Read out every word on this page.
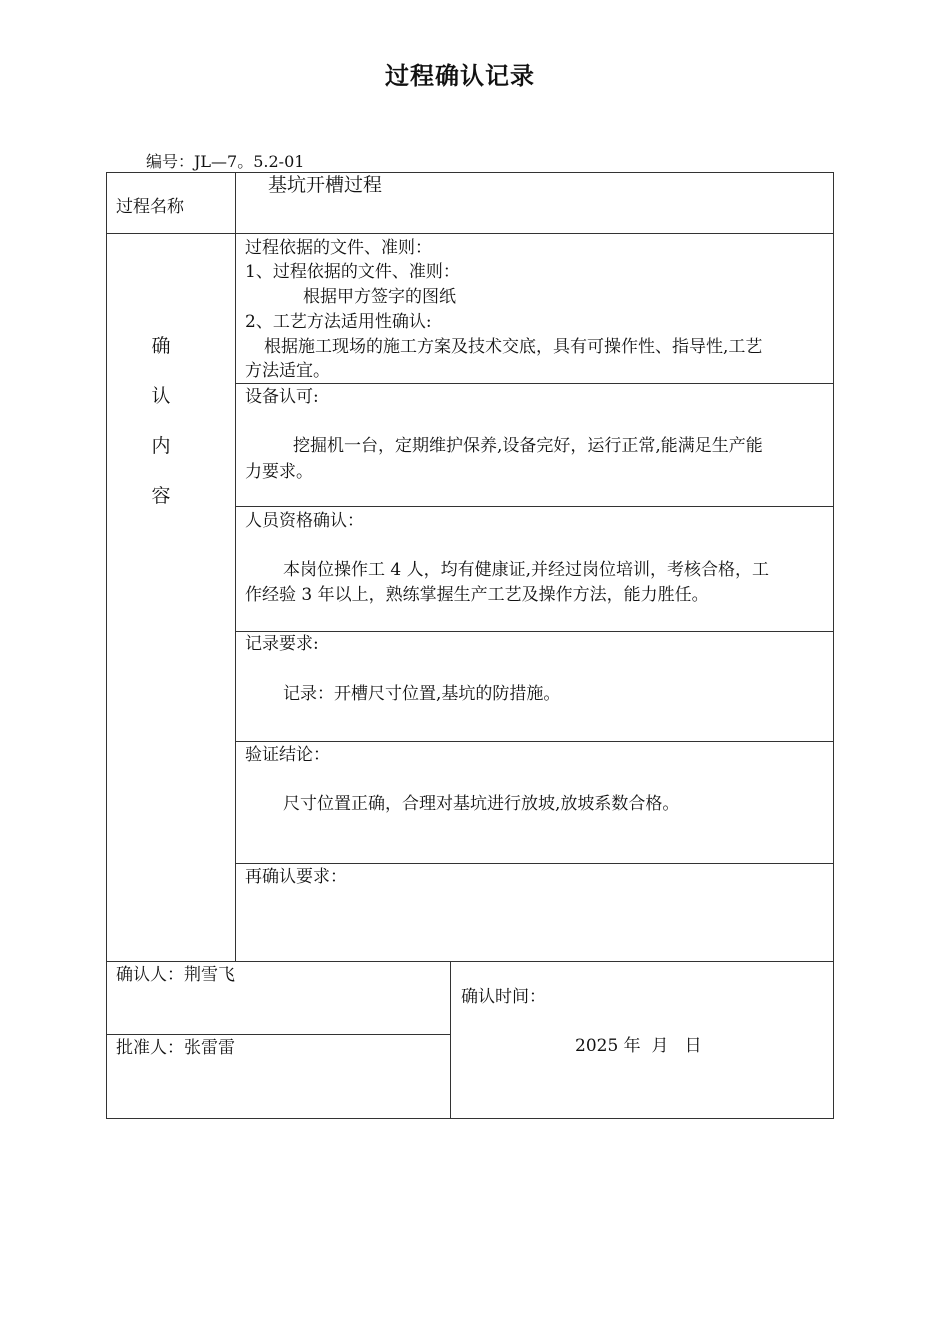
过程确认记录
编号：JL—7。5.2-01
过程名称
基坑开槽过程
确
认
内
容
过程依据的文件、准则：
1、过程依据的文件、准则：
根据甲方签字的图纸
2、工艺方法适用性确认:
根据施工现场的施工方案及技术交底，具有可操作性、指导性,工艺
方法适宜。
设备认可:
挖掘机一台，定期维护保养,设备完好，运行正常,能满足生产能
力要求。
人员资格确认：
本岗位操作工 4 人，均有健康证,并经过岗位培训，考核合格，工
作经验 3 年以上，熟练掌握生产工艺及操作方法，能力胜任。
记录要求:
记录：开槽尺寸位置,基坑的防措施。
验证结论：
尺寸位置正确，合理对基坑进行放坡,放坡系数合格。
再确认要求：
确认人：荆雪飞
批准人：张雷雷
确认时间：
2025 年  月   日
